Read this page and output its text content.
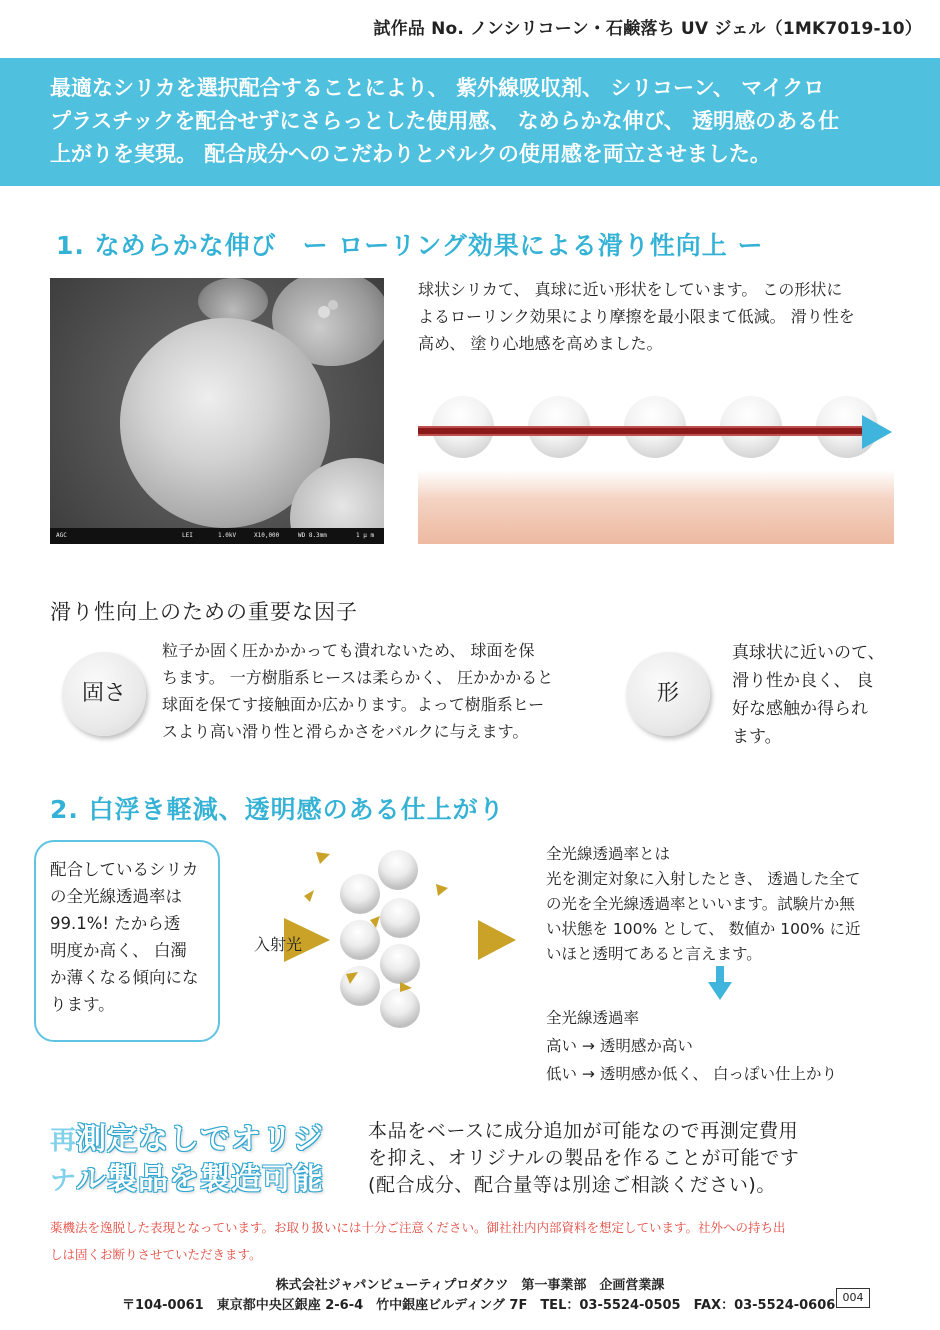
試作品 No. ノンシリコーン・石鹸落ち UV ジェル（1MK7019-10）
最適なシリカを選択配合することにより、 紫外線吸収剤、 シリコーン、 マイクロ
プラスチックを配合せずにさらっとした使用感、 なめらかな伸び、 透明感のある仕
上がりを実現。 配合成分へのこだわりとバルクの使用感を両立させました。
1. なめらかな伸び　ー ローリング効果による滑り性向上 ー
AGC	LEI	1.0kV	X10,000	WD 8.3mm	1 μ m
球状シリカて、 真球に近い形状をしています。 この形状に
よるローリンク効果により摩擦を最小限まて低減。 滑り性を
高め、 塗り心地感を高めました。
滑り性向上のための重要な因子
固さ
粒子か固く圧かかかっても潰れないため、 球面を保
ちます。 一方樹脂系ヒースは柔らかく、 圧かかかると
球面を保てす接触面か広かります。よって樹脂系ヒー
スより高い滑り性と滑らかさをバルクに与えます。
形
真球状に近いのて、
滑り性か良く、 良
好な感触か得られ
ます。
2. 白浮き軽減、透明感のある仕上がり
配合しているシリカ
の全光線透過率は
99.1%! たから透
明度か高く、 白濁
か薄くなる傾向にな
ります。
入射光
全光線透過率とは
光を測定対象に入射したとき、 透過した全て
の光を全光線透過率といいます。試験片か無
い状態を 100% として、 数値か 100% に近
いほと透明てあると言えます。
全光線透過率
高い → 透明感か高い
低い → 透明感か低く、 白っぽい仕上かり
再測定なしでオリジ
ナル製品を製造可能
本品をベースに成分追加が可能なので再測定費用
を抑え、オリジナルの製品を作ることが可能です
(配合成分、配合量等は別途ご相談ください)。
薬機法を逸脱した表現となっています。お取り扱いには十分ご注意ください。御社社内内部資料を想定しています。社外への持ち出
しは固くお断りさせていただきます。
株式会社ジャパンビューティプロダクツ　第一事業部　企画営業課
〒104-0061　東京都中央区銀座 2-6-4　竹中銀座ビルディング 7F　TEL：03-5524-0505　FAX：03-5524-0606
004
